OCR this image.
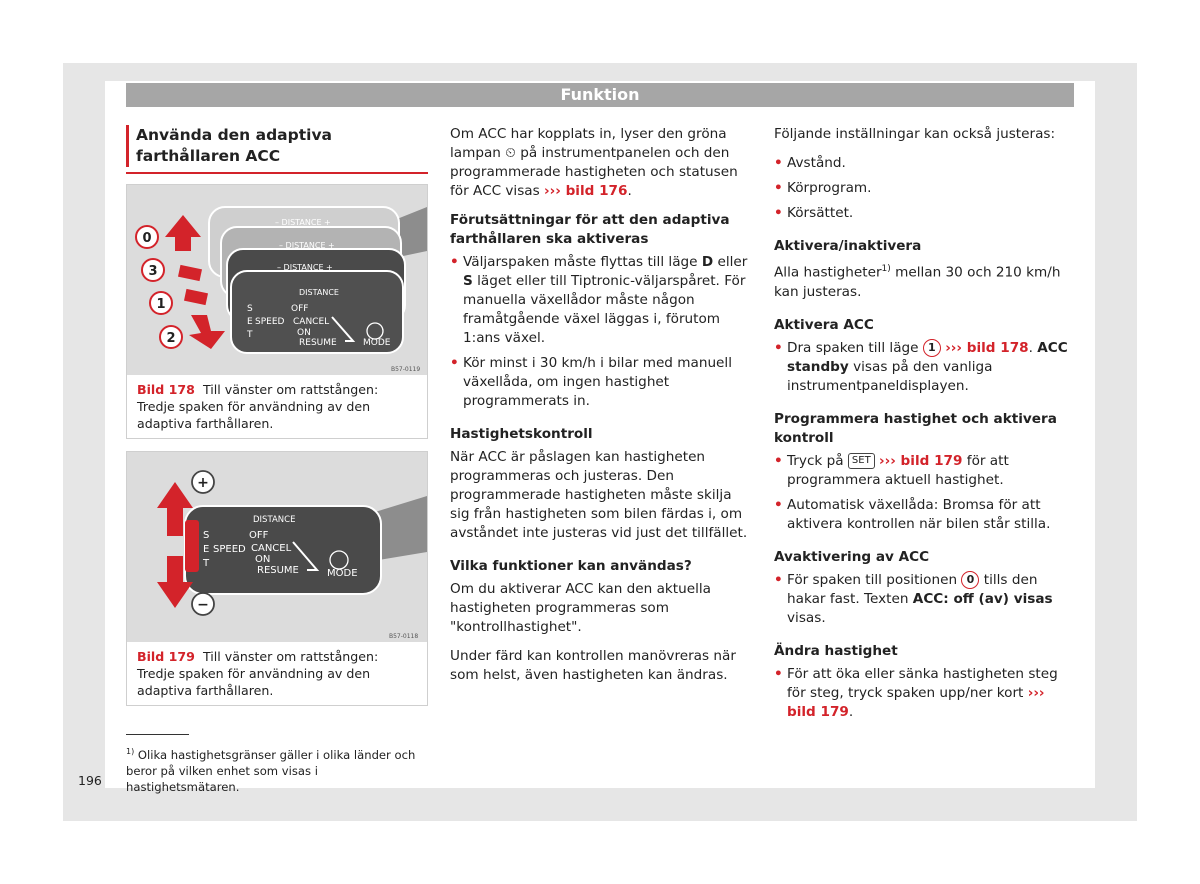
Funktion
Använda den adaptiva farthållaren ACC
– DISTANCE +
– DISTANCE +
– DISTANCE +
DISTANCE
S
E
T
SPEED
OFF
CANCEL
ON
RESUME	MODE
0
3
1
2
B57-0119
Bild 178 Till vänster om rattstången: Tredje spaken för användning av den adaptiva farthållaren.
DISTANCE
S
E
T
SPEED
OFF
CANCEL
ON
RESUME	MODE
+
−
B57-0118
Bild 179 Till vänster om rattstången: Tredje spaken för användning av den adaptiva farthållaren.

Om ACC har kopplats in, lyser den gröna lampan ⏲ på instrumentpanelen och den programmerade hastigheten och statusen för ACC visas ››› bild 176.

Förutsättningar för att den adaptiva farthållaren ska aktiveras
• Väljarspaken måste flyttas till läge D eller S läget eller till Tiptronic-väljarspåret. För manuella växellådor måste någon framåtgående växel läggas i, förutom 1:ans växel.
• Kör minst i 30 km/h i bilar med manuell växellåda, om ingen hastighet programmerats in.
Hastighetskontroll

När ACC är påslagen kan hastigheten programmeras och justeras. Den programmerade hastigheten måste skilja sig från hastigheten som bilen färdas i, om avståndet inte justeras vid just det tillfället.

Vilka funktioner kan användas?

Om du aktiverar ACC kan den aktuella hastigheten programmeras som "kontrollhastighet".

Under färd kan kontrollen manövreras när som helst, även hastigheten kan ändras.

Följande inställningar kan också justeras:

• Avstånd.
• Körprogram.
• Körsättet.
Aktivera/inaktivera

Alla hastigheter$^{1)}$ mellan 30 och 210 km/h kan justeras.

Aktivera ACC
• Dra spaken till läge 1 ››› bild 178. ACC standby visas på den vanliga instrumentpaneldisplayen.
Programmera hastighet och aktivera kontroll
• Tryck på SET ››› bild 179 för att programmera aktuell hastighet.
• Automatisk växellåda: Bromsa för att aktivera kontrollen när bilen står stilla.
Avaktivering av ACC
• För spaken till positionen 0 tills den hakar fast. Texten ACC: off (av) visas visas.
Ändra hastighet
• För att öka eller sänka hastigheten steg för steg, tryck spaken upp/ner kort ››› bild 179.
$^{1)}$ Olika hastighetsgränser gäller i olika länder och beror på vilken enhet som visas i hastighetsmätaren.
196
